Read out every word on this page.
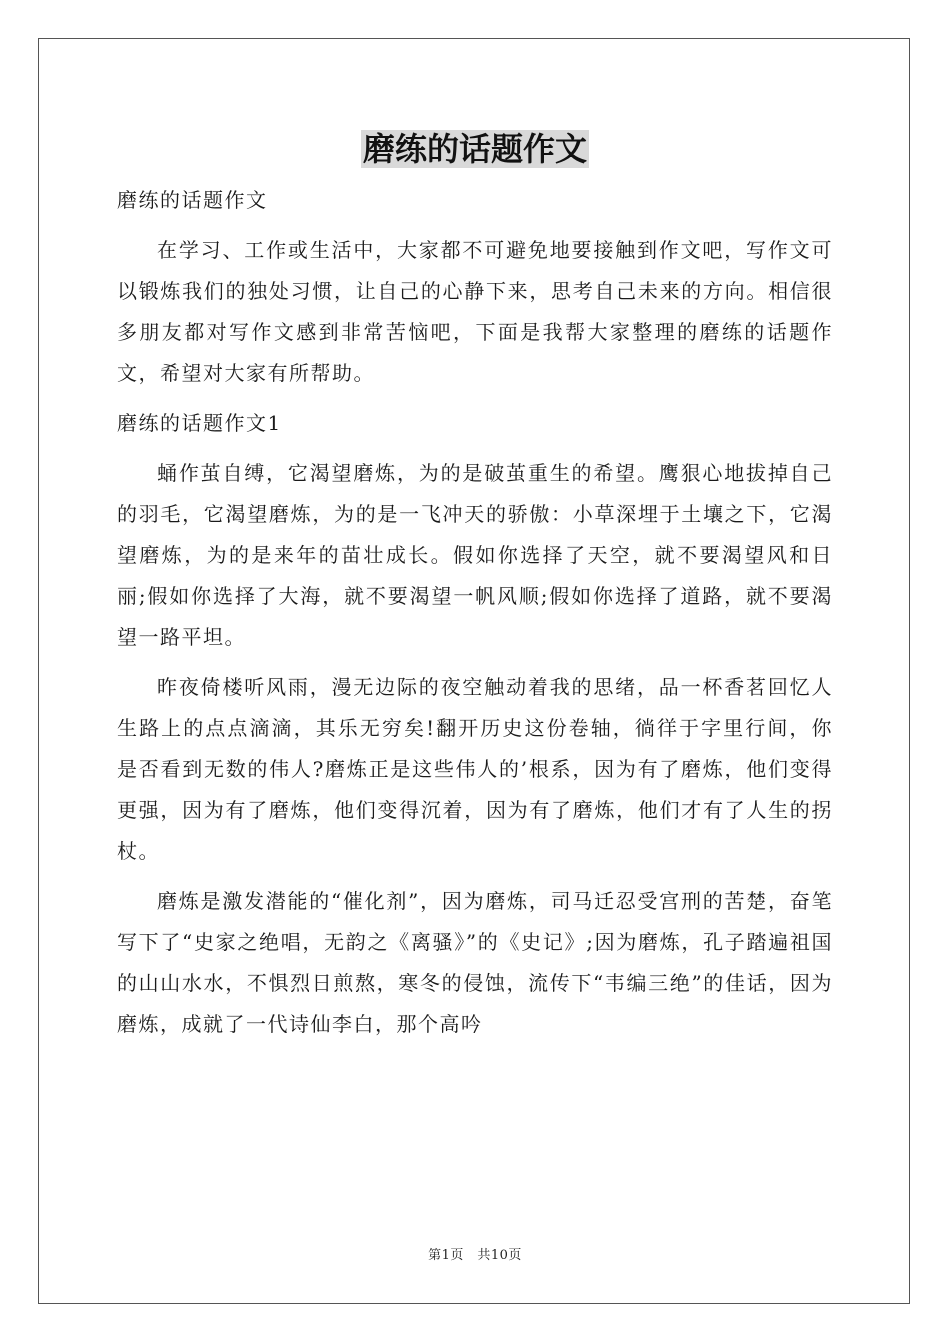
磨练的话题作文

磨练的话题作文

在学习、工作或生活中，大家都不可避免地要接触到作文吧，写作文可以锻炼我们的独处习惯，让自己的心静下来，思考自己未来的方向。相信很多朋友都对写作文感到非常苦恼吧，下面是我帮大家整理的磨练的话题作文，希望对大家有所帮助。

磨练的话题作文1

蛹作茧自缚，它渴望磨炼，为的是破茧重生的希望。鹰狠心地拔掉自己的羽毛，它渴望磨炼，为的是一飞冲天的骄傲：小草深埋于土壤之下，它渴望磨炼，为的是来年的苗壮成长。假如你选择了天空，就不要渴望风和日丽;假如你选择了大海，就不要渴望一帆风顺;假如你选择了道路，就不要渴望一路平坦。

昨夜倚楼听风雨，漫无边际的夜空触动着我的思绪，品一杯香茗回忆人生路上的点点滴滴，其乐无穷矣!翻开历史这份卷轴，徜徉于字里行间，你是否看到无数的伟人?磨炼正是这些伟人的’根系，因为有了磨炼，他们变得更强，因为有了磨炼，他们变得沉着，因为有了磨炼，他们才有了人生的拐杖。

磨炼是激发潜能的“催化剂”，因为磨炼，司马迁忍受宫刑的苦楚，奋笔写下了“史家之绝唱，无韵之《离骚》”的《史记》;因为磨炼，孔子踏遍祖国的山山水水，不惧烈日煎熬，寒冬的侵蚀，流传下“韦编三绝”的佳话，因为磨炼，成就了一代诗仙李白，那个高吟

第1页　共10页
